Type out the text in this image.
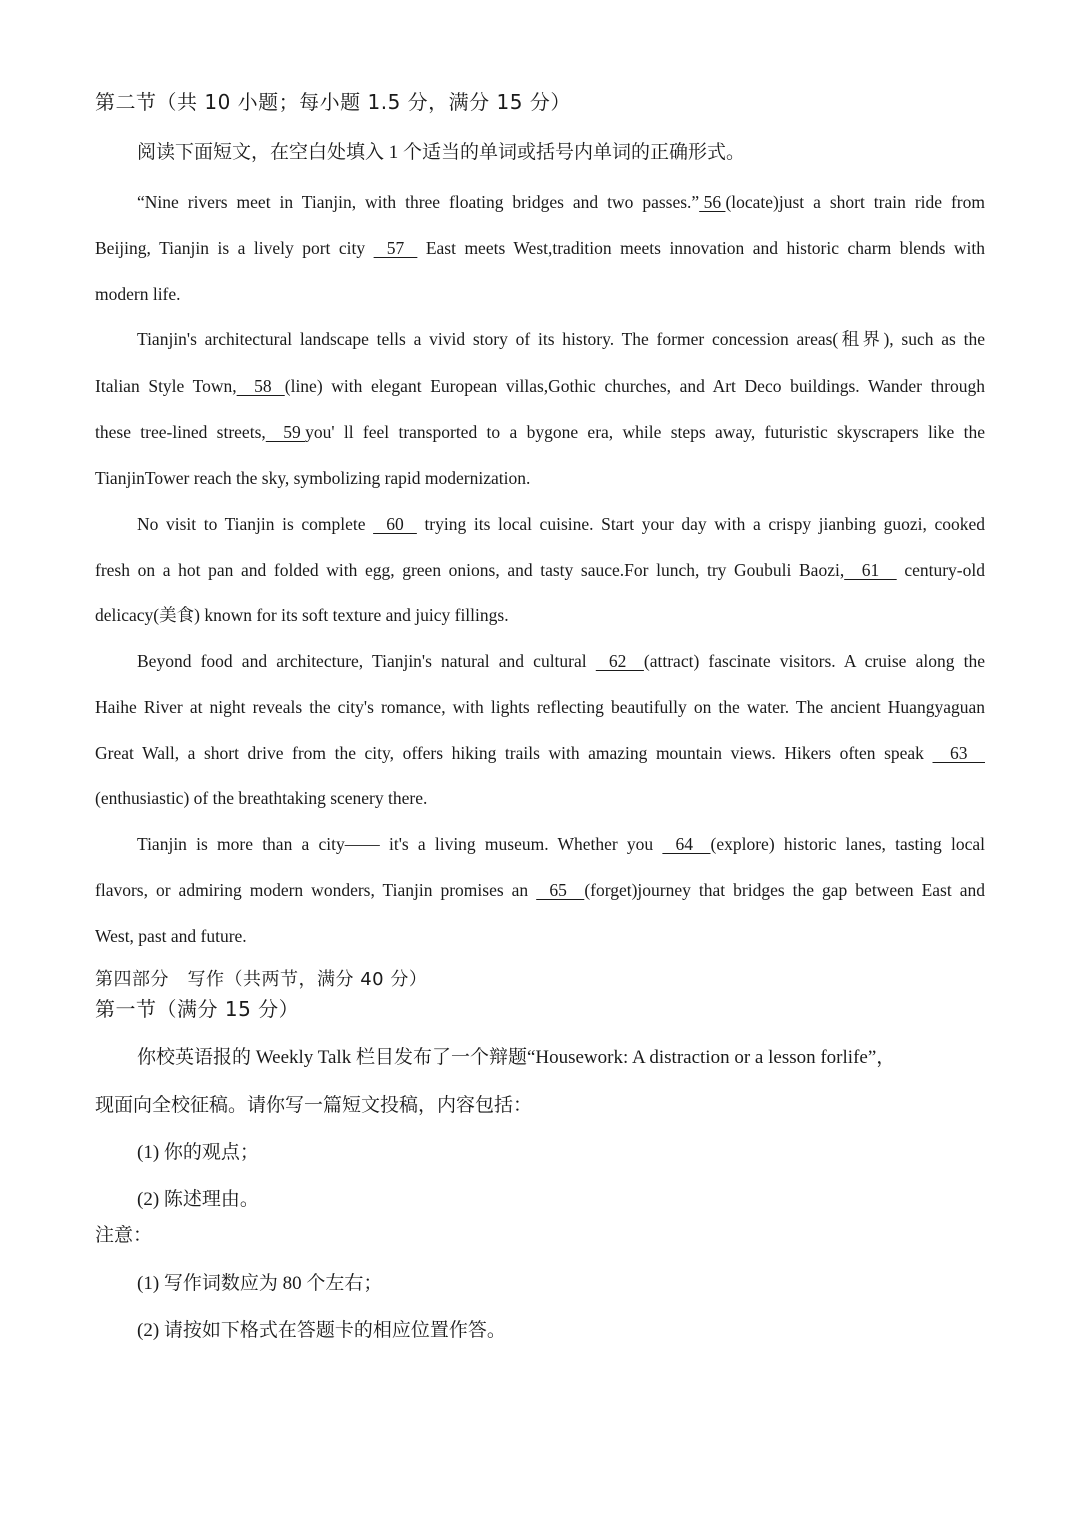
第二节（共 10 小题；每小题 1.5 分，满分 15 分）
阅读下面短文，在空白处填入 1 个适当的单词或括号内单词的正确形式。
“Nine rivers meet in Tianjin, with three floating bridges and two passes.” 56 (locate)just a short train ride from
Beijing, Tianjin is a lively port city    57    East meets West,tradition meets innovation and historic charm blends with
modern life.
Tianjin's architectural landscape tells a vivid story of its history. The former concession areas(租界), such as the
Italian Style Town,    58   (line) with elegant European villas,Gothic churches, and Art Deco buildings. Wander through
these tree-lined streets,    59 you' ll feel transported to a bygone era, while steps away, futuristic skyscrapers like the
TianjinTower reach the sky, symbolizing rapid modernization.
No visit to Tianjin is complete    60    trying its local cuisine. Start your day with a crispy jianbing guozi, cooked
fresh on a hot pan and folded with egg, green onions, and tasty sauce.For lunch, try Goubuli Baozi,    61     century-old
delicacy(美食) known for its soft texture and juicy fillings.
Beyond food and architecture, Tianjin's natural and cultural    62    (attract) fascinate visitors. A cruise along the
Haihe River at night reveals the city's romance, with lights reflecting beautifully on the water. The ancient Huangyaguan
Great Wall, a short drive from the city, offers hiking trails with amazing mountain views. Hikers often speak     63
(enthusiastic) of the breathtaking scenery there.
Tianjin is more than a city—— it's a living museum. Whether you    64    (explore) historic lanes, tasting local
flavors, or admiring modern wonders, Tianjin promises an    65    (forget)journey that bridges the gap between East and
West, past and future.
第四部分　写作（共两节，满分 40 分）
第一节（满分 15 分）
你校英语报的 Weekly Talk 栏目发布了一个辩题“Housework: A distraction or a lesson forlife”，
现面向全校征稿。请你写一篇短文投稿，内容包括：
(1) 你的观点；
(2) 陈述理由。
注意：
(1) 写作词数应为 80 个左右；
(2) 请按如下格式在答题卡的相应位置作答。
